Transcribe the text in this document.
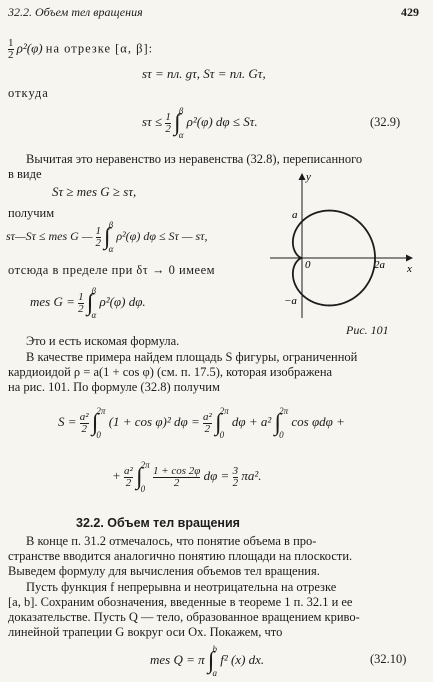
32.2. Объем тел вращения	429
$\frac{1}{2} \rho^2(\varphi)$ на отрезке [α, β]:
sτ = пл. gτ, Sτ = пл. Gτ,
откуда
$s\tau \le \frac{1}{2}$
∫
β
α
ρ²(φ) dφ ≤ Sτ.	(32.9)
Вычитая это неравенство из неравенства (32.8), переписанного
в виде
Sτ ≥ mes G ≥ sτ,
получим
sτ—Sτ ≤ mes G — $\frac{1}{2}$
∫
β
α
ρ²(φ) dφ ≤ Sτ — sτ,
отсюда в пределе при δτ → 0 имеем
mes $G = \frac{1}{2}$
∫
β
α
ρ²(φ) dφ.
y
x
a
−a
0	2a
Рис. 101
Это и есть искомая формула.
В качестве примера найдем площадь S фигуры, ограниченной
кардиоидой ρ = a(1 + cos φ) (см. п. 17.5), которая изображена
на рис. 101. По формуле (32.8) получим
$S = \frac{\text{a²}}{2}$
∫
2π
0
(1 + cos φ)² $d\varphi = \frac{\text{a²}}{2}$
∫
2π
0
dφ + a² ∫
2π
0
cos φdφ +
+ $\frac{\text{a²}}{2}$
∫
2π
0

$\frac{1 + \cos 2\varphi}{2}$ $d\varphi = \frac{3}{2} \pi a^2$.
32.2. Объем тел вращения
В конце п. 31.2 отмечалось, что понятие объема в про-
странстве вводится аналогично понятию площади на плоскости.
Выведем формулу для вычисления объемов тел вращения.
Пусть функция f непрерывна и неотрицательна на отрезке
[a, b]. Сохраним обозначения, введенные в теореме 1 п. 32.1 и ее
доказательстве. Пусть Q — тело, образованное вращением криво-
линейной трапеции G вокруг оси Ox. Покажем, что
mes Q = π ∫
b
a
f² (x) dx.	(32.10)
